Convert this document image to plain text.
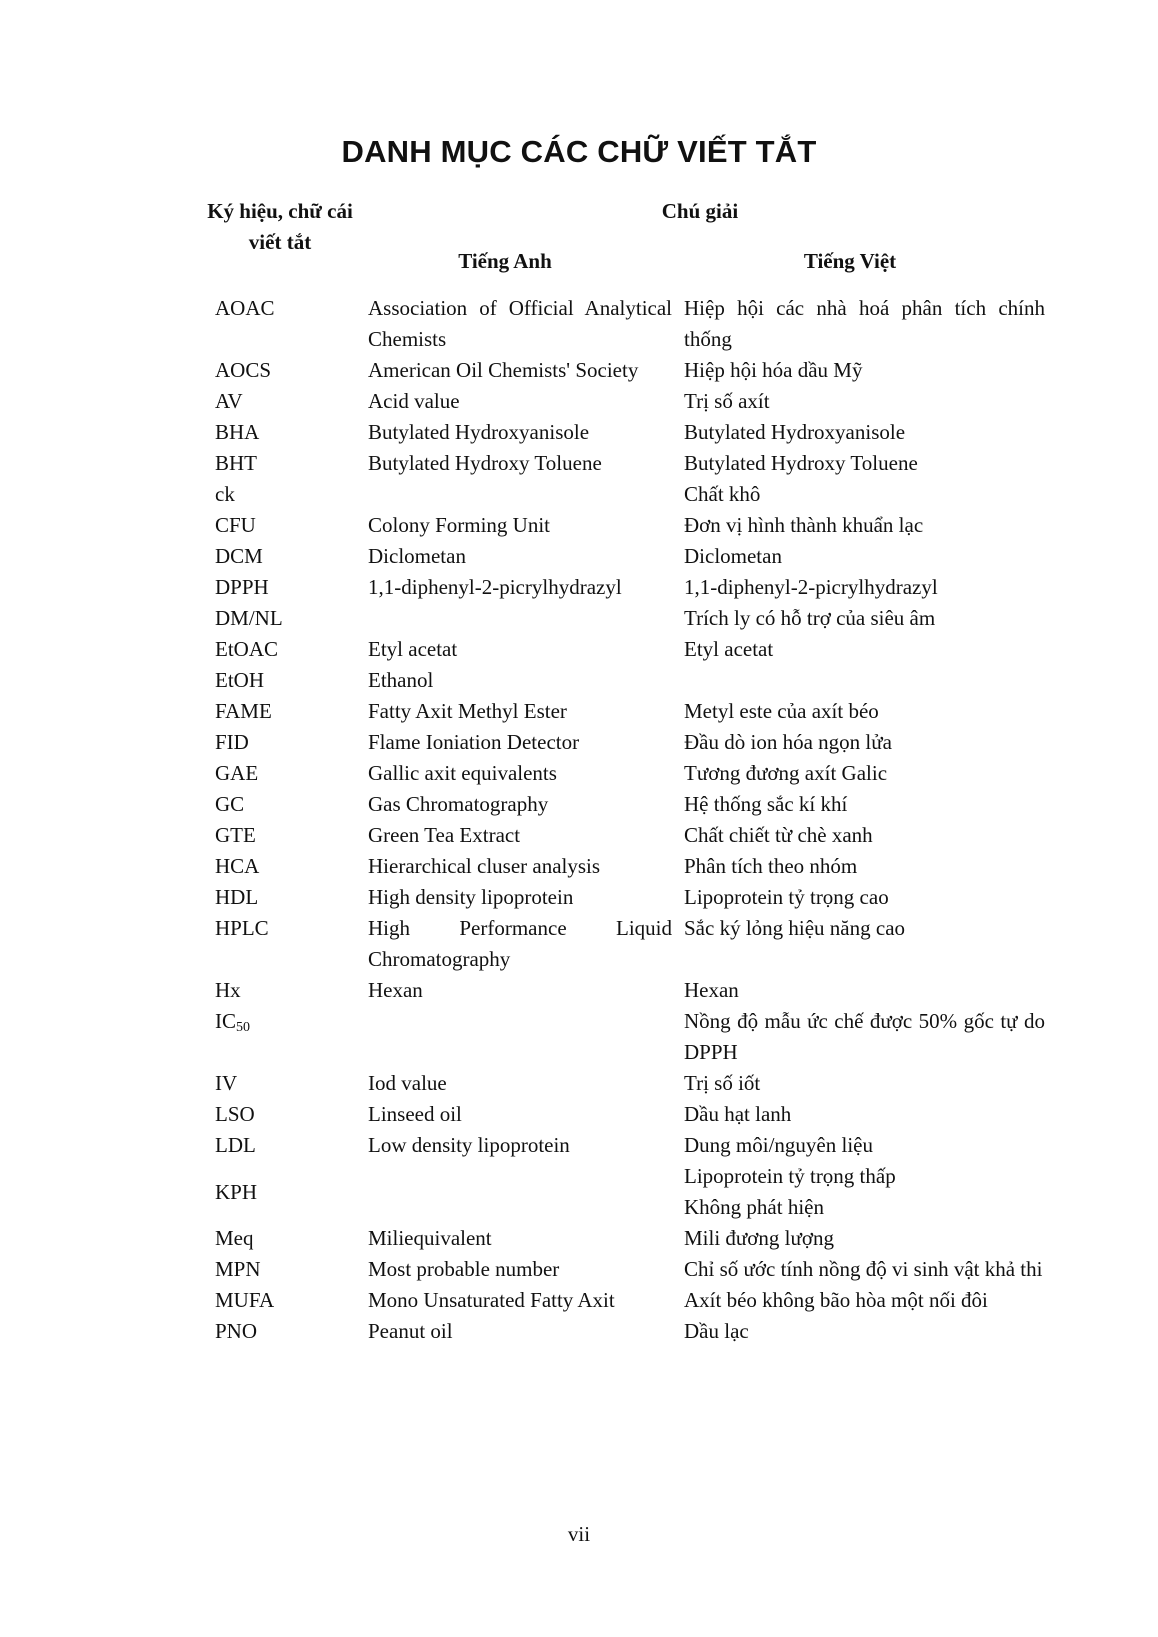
DANH MỤC CÁC CHỮ VIẾT TẮT
Ký hiệu, chữ cái viết tắt
Chú giải
Tiếng Anh	Tiếng Việt
AOAC	Association of Official Analytical Chemists	Hiệp hội các nhà hoá phân tích chính thống

AOCS	American Oil Chemists' Society	Hiệp hội hóa dầu Mỹ

AV	Acid value	Trị số axít

BHA	Butylated Hydroxyanisole	Butylated Hydroxyanisole

BHT	Butylated Hydroxy Toluene	Butylated Hydroxy Toluene

ck		Chất khô

CFU	Colony Forming Unit	Đơn vị hình thành khuẩn lạc

DCM	Diclometan	Diclometan

DPPH	1,1-diphenyl-2-picrylhydrazyl	1,1-diphenyl-2-picrylhydrazyl

DM/NL		Trích ly có hỗ trợ của siêu âm

EtOAC	Etyl acetat	Etyl acetat

EtOH	Ethanol	

FAME	Fatty Axit Methyl Ester	Metyl este của axít béo

FID	Flame Ioniation Detector	Đầu dò ion hóa ngọn lửa

GAE	Gallic axit equivalents	Tương đương axít Galic

GC	Gas Chromatography	Hệ thống sắc kí khí

GTE	Green Tea Extract	Chất chiết từ chè xanh

HCA	Hierarchical cluser analysis	Phân tích theo nhóm

HDL	High density lipoprotein	Lipoprotein tỷ trọng cao

HPLC	High Performance Liquid Chromatography	Sắc ký lỏng hiệu năng cao

Hx	Hexan	Hexan

$IC_{50}$		Nồng độ mẫu ức chế được 50% gốc tự do DPPH

IV	Iod value	Trị số iốt

LSO	Linseed oil	Dầu hạt lanh

LDL	Low density lipoprotein	Dung môi/nguyên liệu

KPH		Lipoprotein tỷ trọng thấp
Không phát hiện

Meq	Miliequivalent	Mili đương lượng

MPN	Most probable number	Chỉ số ước tính nồng độ vi sinh vật khả thi

MUFA	Mono Unsaturated Fatty Axit	Axít béo không bão hòa một nối đôi

PNO	Peanut oil	Dầu lạc
vii
